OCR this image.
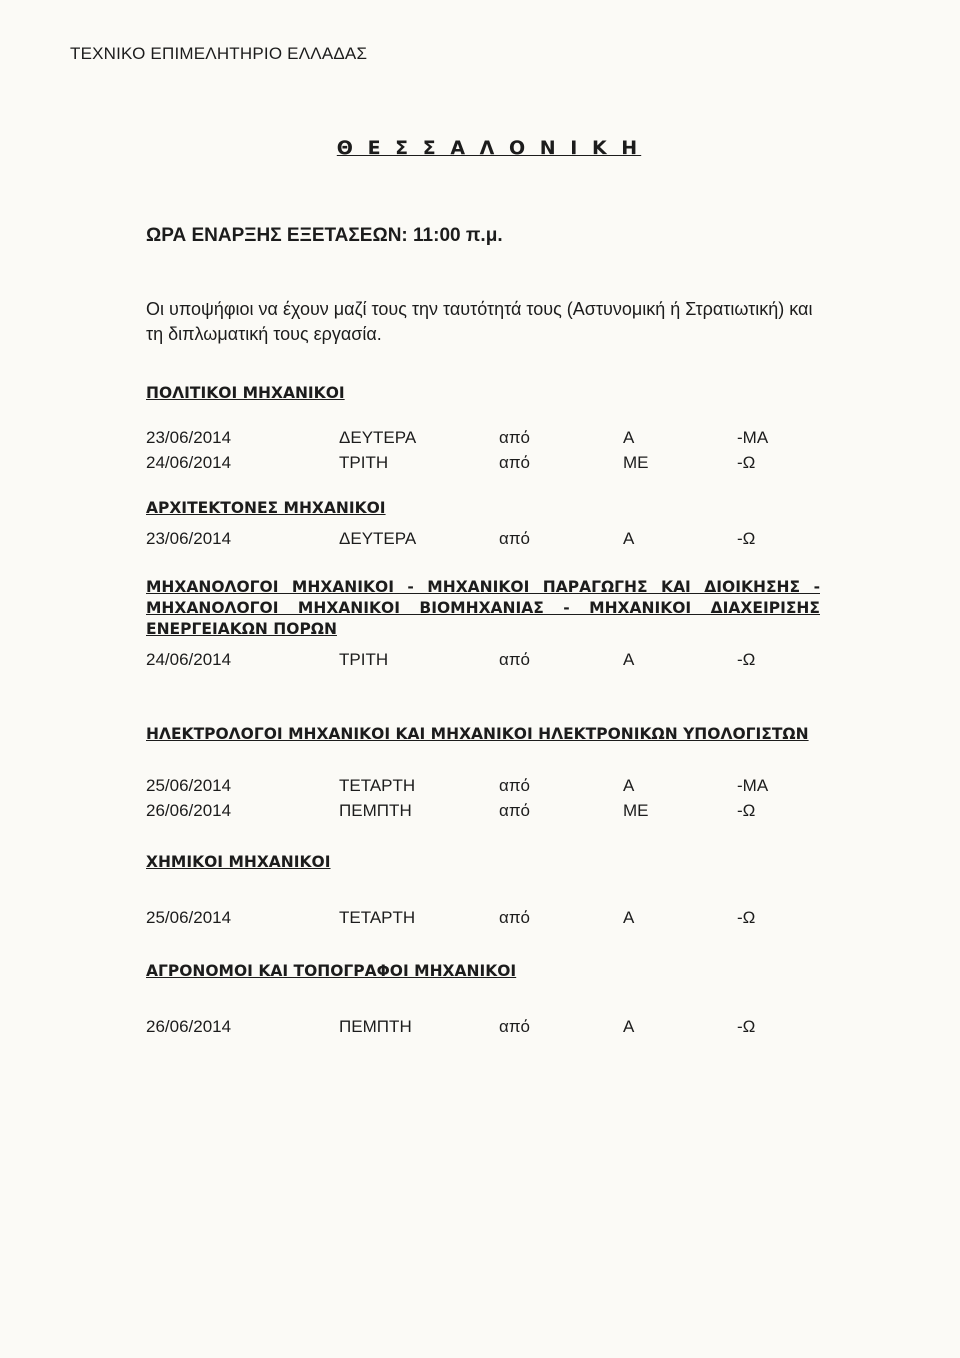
ΤΕΧΝΙΚΟ ΕΠΙΜΕΛΗΤΗΡΙΟ ΕΛΛΑΔΑΣ
Θ Ε Σ Σ Α Λ Ο Ν Ι Κ Η
ΩΡΑ ΕΝΑΡΞΗΣ ΕΞΕΤΑΣΕΩΝ: 11:00 π.μ.
Οι υποψήφιοι να έχουν μαζί τους την ταυτότητά τους (Αστυνομική ή Στρατιωτική) και τη διπλωματική τους εργασία.
ΠΟΛΙΤΙΚΟΙ ΜΗΧΑΝΙΚΟΙ
23/06/2014	ΔΕΥΤΕΡΑ	από	Α	-ΜΑ
24/06/2014	ΤΡΙΤΗ	από	ΜΕ	-Ω
ΑΡΧΙΤΕΚΤΟΝΕΣ ΜΗΧΑΝΙΚΟΙ
23/06/2014	ΔΕΥΤΕΡΑ	από	Α	-Ω
ΜΗΧΑΝΟΛΟΓΟΙ ΜΗΧΑΝΙΚΟΙ - ΜΗΧΑΝΙΚΟΙ ΠΑΡΑΓΩΓΗΣ ΚΑΙ ΔΙΟΙΚΗΣΗΣ - ΜΗΧΑΝΟΛΟΓΟΙ ΜΗΧΑΝΙΚΟΙ ΒΙΟΜΗΧΑΝΙΑΣ - ΜΗΧΑΝΙΚΟΙ ΔΙΑΧΕΙΡΙΣΗΣ ΕΝΕΡΓΕΙΑΚΩΝ ΠΟΡΩΝ
24/06/2014	ΤΡΙΤΗ	από	Α	-Ω
ΗΛΕΚΤΡΟΛΟΓΟΙ ΜΗΧΑΝΙΚΟΙ ΚΑΙ ΜΗΧΑΝΙΚΟΙ ΗΛΕΚΤΡΟΝΙΚΩΝ ΥΠΟΛΟΓΙΣΤΩΝ
25/06/2014	ΤΕΤΑΡΤΗ	από	Α	-ΜΑ
26/06/2014	ΠΕΜΠΤΗ	από	ΜΕ	-Ω
ΧΗΜΙΚΟΙ ΜΗΧΑΝΙΚΟΙ
25/06/2014	ΤΕΤΑΡΤΗ	από	Α	-Ω
ΑΓΡΟΝΟΜΟΙ ΚΑΙ ΤΟΠΟΓΡΑΦΟΙ ΜΗΧΑΝΙΚΟΙ
26/06/2014	ΠΕΜΠΤΗ	από	Α	-Ω
